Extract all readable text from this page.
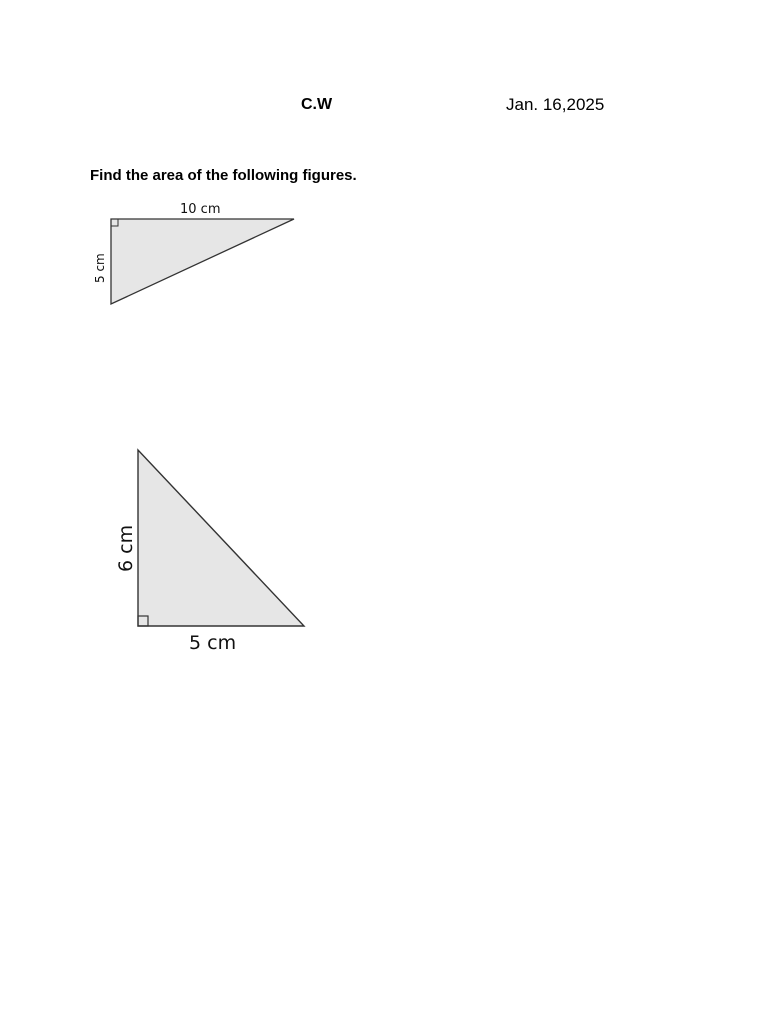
C.W	Jan. 16,2025
Find the area of the following figures.
10 cm
5 cm
6 cm
5 cm
